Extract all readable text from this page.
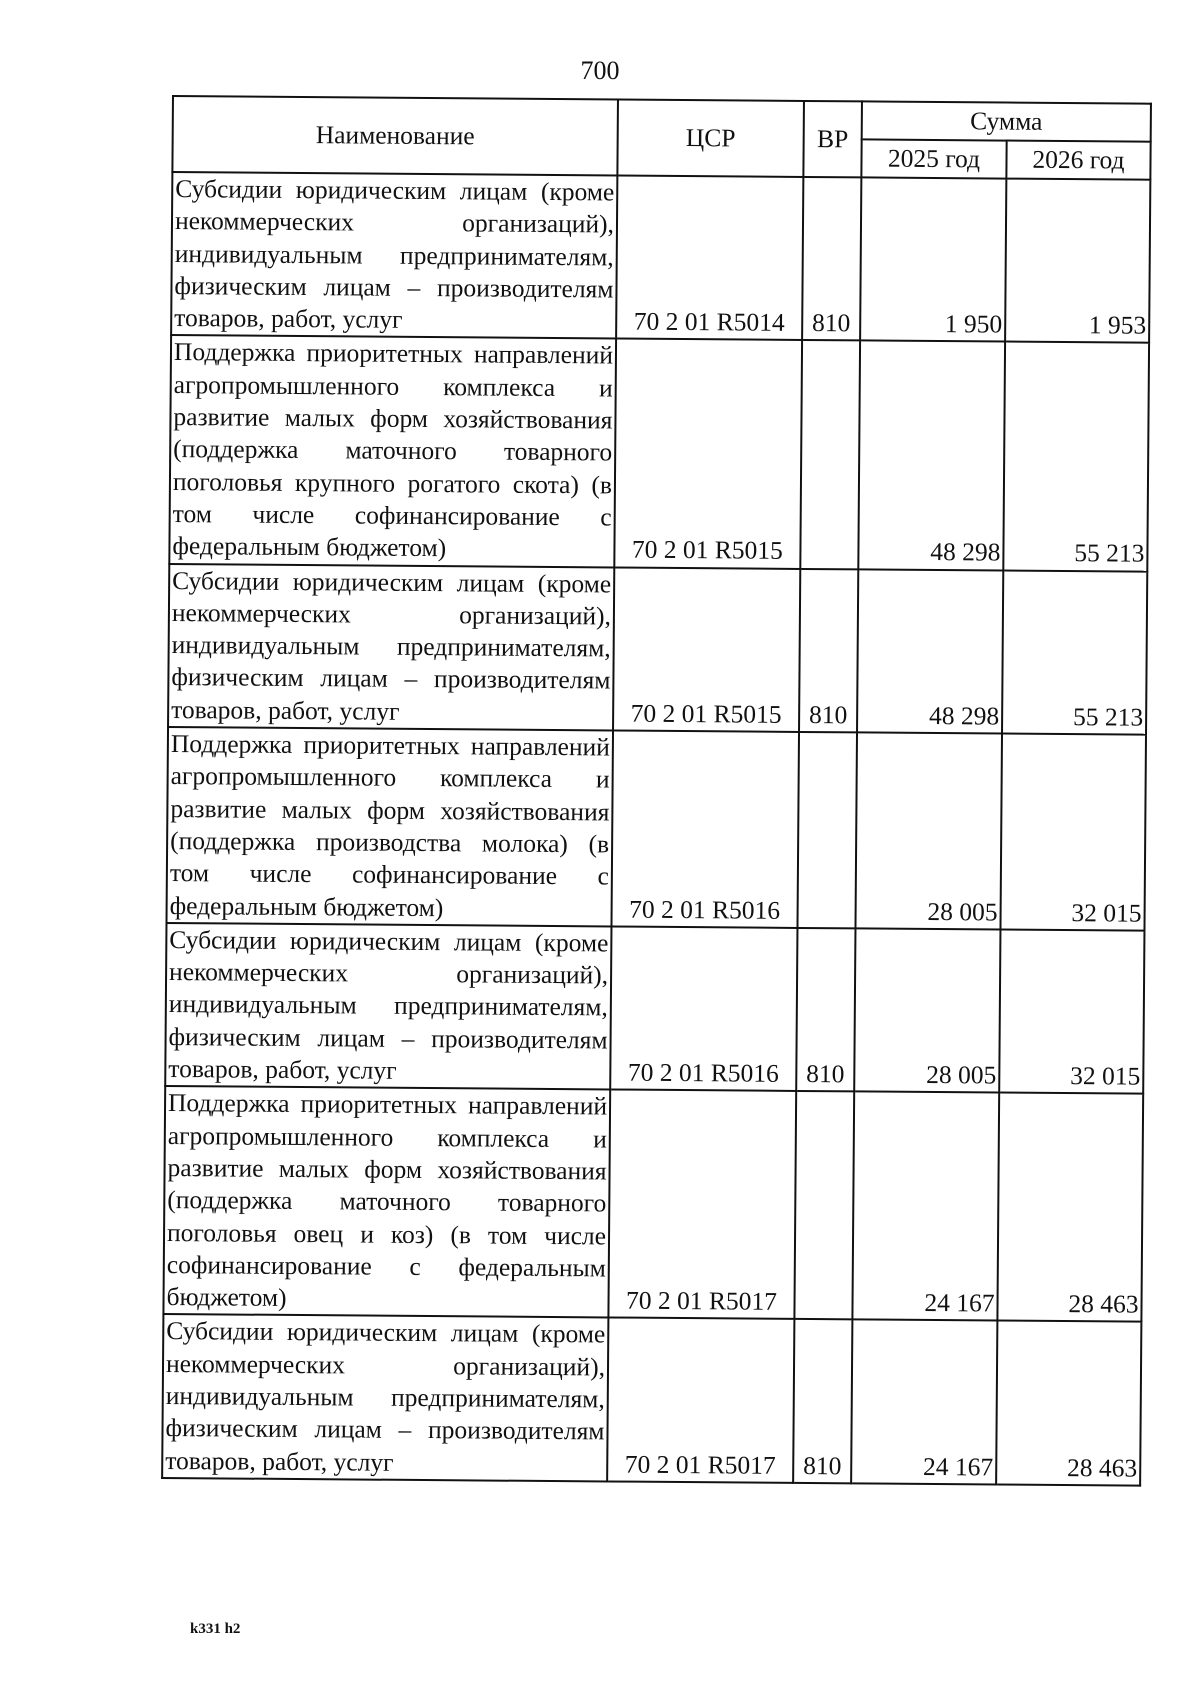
700
Наименование	ЦСР	ВР	Сумма	
			2025 год	2026 год
Субсидии юридическим лицам (кроме некоммерческих организаций), индивидуальным предпринимателям, физическим лицам – производителям товаров, работ, услуг	70 2 01 R5014	810	1 950	1 953
Поддержка приоритетных направлений агропромышленного комплекса и развитие малых форм хозяйствования (поддержка маточного товарного поголовья крупного рогатого скота) (в том числе софинансирование с федеральным бюджетом)	70 2 01 R5015		48 298	55 213
Субсидии юридическим лицам (кроме некоммерческих организаций), индивидуальным предпринимателям, физическим лицам – производителям товаров, работ, услуг	70 2 01 R5015	810	48 298	55 213
Поддержка приоритетных направлений агропромышленного комплекса и развитие малых форм хозяйствования (поддержка производства молока) (в том числе софинансирование с федеральным бюджетом)	70 2 01 R5016		28 005	32 015
Субсидии юридическим лицам (кроме некоммерческих организаций), индивидуальным предпринимателям, физическим лицам – производителям товаров, работ, услуг	70 2 01 R5016	810	28 005	32 015
Поддержка приоритетных направлений агропромышленного комплекса и развитие малых форм хозяйствования (поддержка маточного товарного поголовья овец и коз) (в том числе софинансирование с федеральным бюджетом)	70 2 01 R5017		24 167	28 463
Субсидии юридическим лицам (кроме некоммерческих организаций), индивидуальным предпринимателям, физическим лицам – производителям товаров, работ, услуг	70 2 01 R5017	810	24 167	28 463
k331 h2
